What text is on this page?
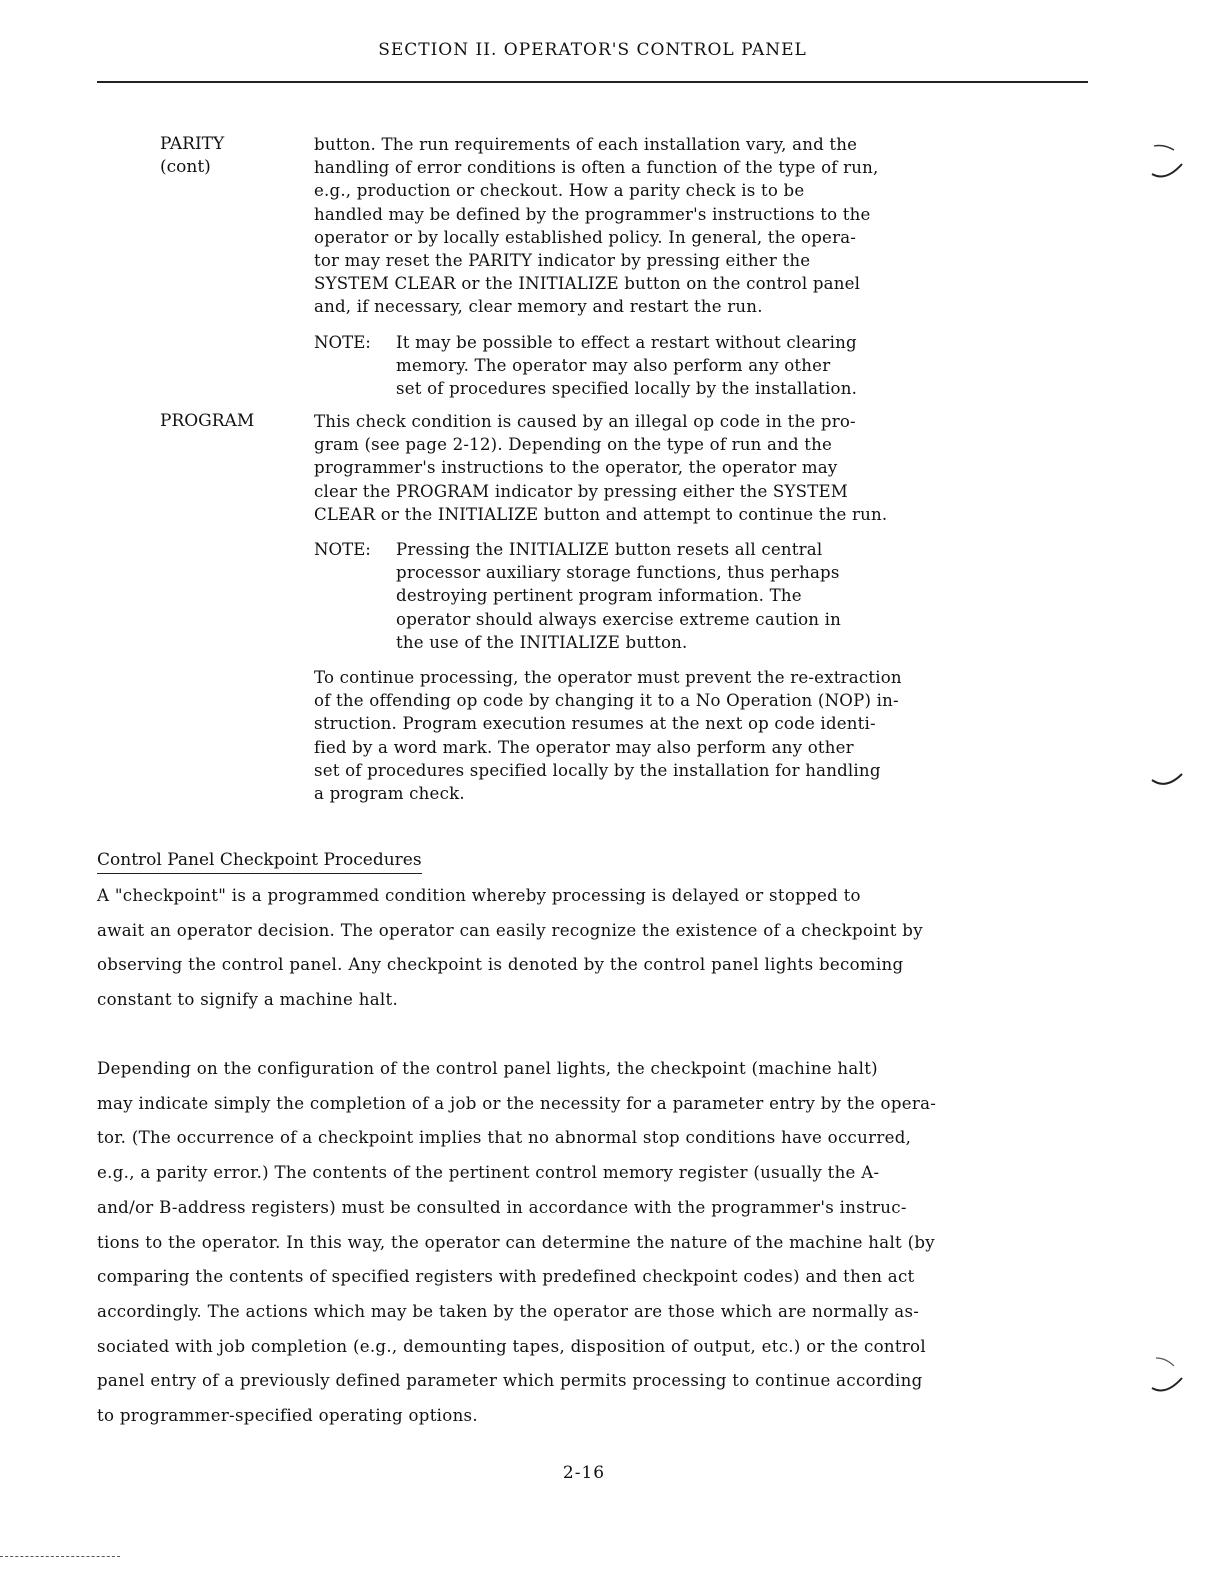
SECTION II. OPERATOR'S CONTROL PANEL
PARITY
(cont)

button. The run requirements of each installation vary, and the
handling of error conditions is often a function of the type of run,
e.g., production or checkout. How a parity check is to be
handled may be defined by the programmer's instructions to the
operator or by locally established policy. In general, the opera-
tor may reset the PARITY indicator by pressing either the
SYSTEM CLEAR or the INITIALIZE button on the control panel
and, if necessary, clear memory and restart the run.

NOTE:	It may be possible to effect a restart without clearing
memory. The operator may also perform any other
set of procedures specified locally by the installation.
PROGRAM	This check condition is caused by an illegal op code in the pro-
gram (see page 2-12). Depending on the type of run and the
programmer's instructions to the operator, the operator may
clear the PROGRAM indicator by pressing either the SYSTEM
CLEAR or the INITIALIZE button and attempt to continue the run.

NOTE:	Pressing the INITIALIZE button resets all central
processor auxiliary storage functions, thus perhaps
destroying pertinent program information. The
operator should always exercise extreme caution in
the use of the INITIALIZE button.

To continue processing, the operator must prevent the re-extraction
of the offending op code by changing it to a No Operation (NOP) in-
struction. Program execution resumes at the next op code identi-
fied by a word mark. The operator may also perform any other
set of procedures specified locally by the installation for handling
a program check.

Control Panel Checkpoint Procedures

A "checkpoint" is a programmed condition whereby processing is delayed or stopped to
await an operator decision. The operator can easily recognize the existence of a checkpoint by
observing the control panel. Any checkpoint is denoted by the control panel lights becoming
constant to signify a machine halt.

Depending on the configuration of the control panel lights, the checkpoint (machine halt)
may indicate simply the completion of a job or the necessity for a parameter entry by the opera-
tor. (The occurrence of a checkpoint implies that no abnormal stop conditions have occurred,
e.g., a parity error.) The contents of the pertinent control memory register (usually the A-
and/or B-address registers) must be consulted in accordance with the programmer's instruc-
tions to the operator. In this way, the operator can determine the nature of the machine halt (by
comparing the contents of specified registers with predefined checkpoint codes) and then act
accordingly. The actions which may be taken by the operator are those which are normally as-
sociated with job completion (e.g., demounting tapes, disposition of output, etc.) or the control
panel entry of a previously defined parameter which permits processing to continue according
to programmer-specified operating options.

2-16
